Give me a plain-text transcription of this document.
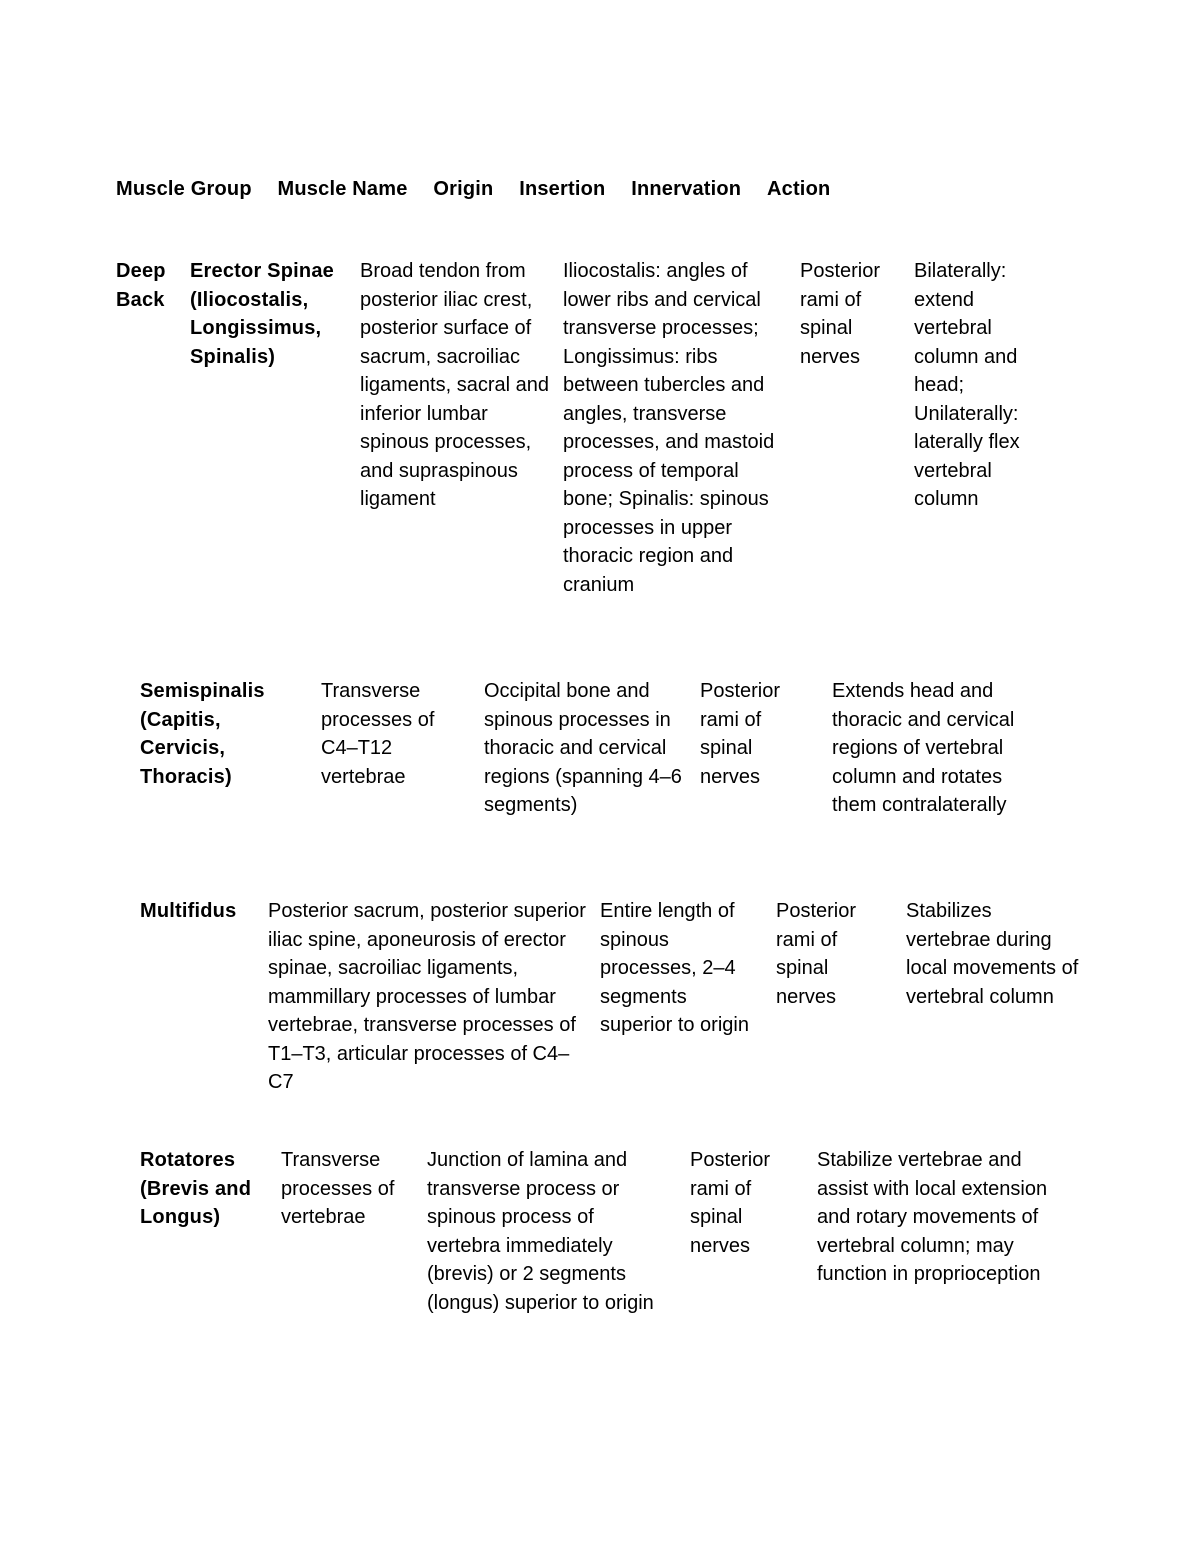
Muscle Group Muscle Name Origin Insertion Innervation Action
Deep Back
Erector Spinae (Iliocostalis, Longissimus, Spinalis)
Broad tendon from posterior iliac crest, posterior surface of sacrum, sacroiliac ligaments, sacral and inferior lumbar spinous processes, and supraspinous ligament
Iliocostalis: angles of lower ribs and cervical transverse processes; Longissimus: ribs between tubercles and angles, transverse processes, and mastoid process of temporal bone; Spinalis: spinous processes in upper thoracic region and cranium
Posterior rami of spinal nerves
Bilaterally: extend vertebral column and head; Unilaterally: laterally flex vertebral column
Semispinalis (Capitis, Cervicis, Thoracis)
Transverse processes of C4–T12 vertebrae
Occipital bone and spinous processes in thoracic and cervical regions (spanning 4–6 segments)
Posterior rami of spinal nerves
Extends head and thoracic and cervical regions of vertebral column and rotates them contralaterally
Multifidus	Posterior sacrum, posterior superior iliac spine, aponeurosis of erector spinae, sacroiliac ligaments, mammillary processes of lumbar vertebrae, transverse processes of T1–T3, articular processes of C4–C7
Entire length of spinous processes, 2–4 segments superior to origin
Posterior rami of spinal nerves
Stabilizes vertebrae during local movements of vertebral column
Rotatores (Brevis and Longus)
Transverse processes of vertebrae
Junction of lamina and transverse process or spinous process of vertebra immediately (brevis) or 2 segments (longus) superior to origin
Posterior rami of spinal nerves
Stabilize vertebrae and assist with local extension and rotary movements of vertebral column; may function in proprioception
